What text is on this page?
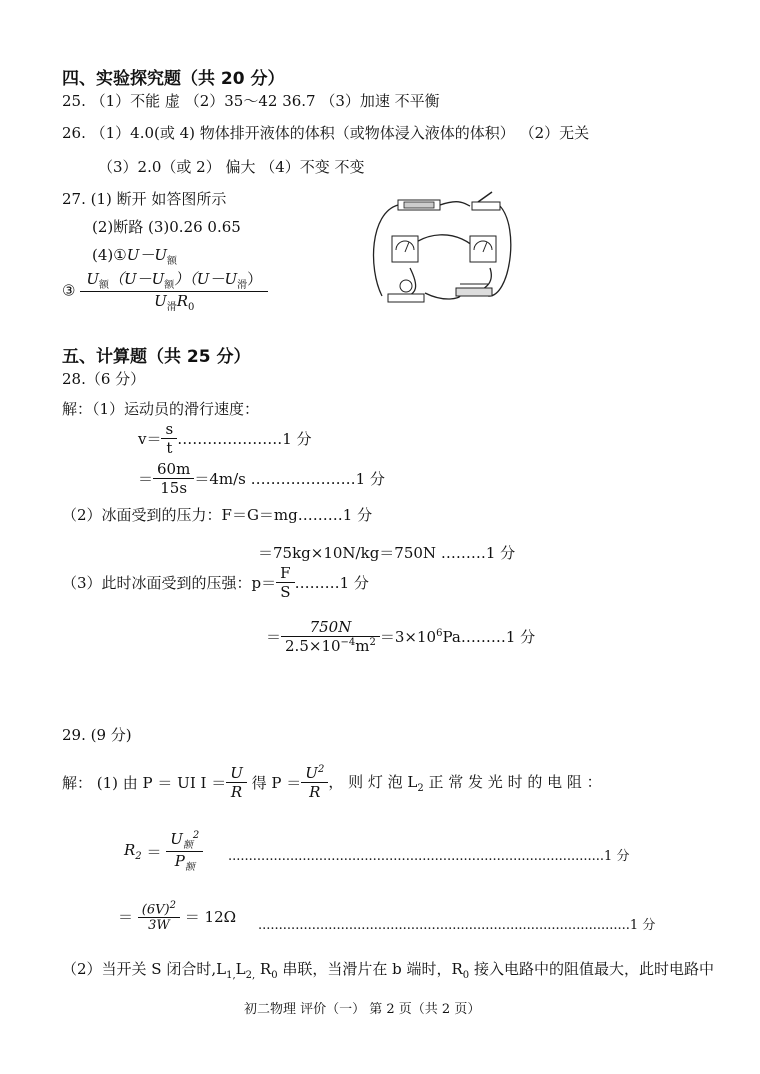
四、实验探究题（共 20 分）
25. （1）不能 虚 （2）35～42 36.7 （3）加速 不平衡
26. （1）4.0(或 4) 物体排开液体的体积（或物体浸入液体的体积） （2）无关
（3）2.0（或 2） 偏大 （4）不变 不变
27. (1) 断开 如答图所示
(2)断路 (3)0.26 0.65
$(4)①U-U_额$
③ $\frac{U_额(U-U_额)(U-U_滑)}{U_滑R_0}$
五、计算题（共 25 分）
28.（6 分）
解：（1）运动员的滑行速度：
$v= \frac{s}{t}$ …………………1 分
＝ $\frac{60m}{15s} =4m/s$ …………………1 分
（2）冰面受到的压力：F＝G＝mg………1 分
＝75kg×10N/kg＝750N ………1 分
（3）此时冰面受到的压强：$p= \frac{F}{S}$ ………1 分
＝ $\frac{750N}{2.5\times 10^{-4}m^2}$ $=3\times 10^6Pa\dots\dots\dots 1$ 分
29. (9 分)
解： (1) 由 P ＝ UI $I = \frac{U}{R}$ 得 $P = \frac{U^2}{R}$ ， 则 灯 泡 $L_2$ 正 常 发 光 时 的 电 阻 ：
$R_2 = \frac{U_额^2}{P_额} ...........................................................................................1$ 分
＝ $\frac{(6V)^2}{3W} = 12\Omega$ ..........................................................................................1 分
（2）当开关 S 闭合时$,L_{1,}L_{2,}$ $R_0$ 串联，当滑片在 b 端时，$R_0$ 接入电路中的阻值最大，此时电路中
初二物理 评价（一） 第 2 页（共 2 页）
